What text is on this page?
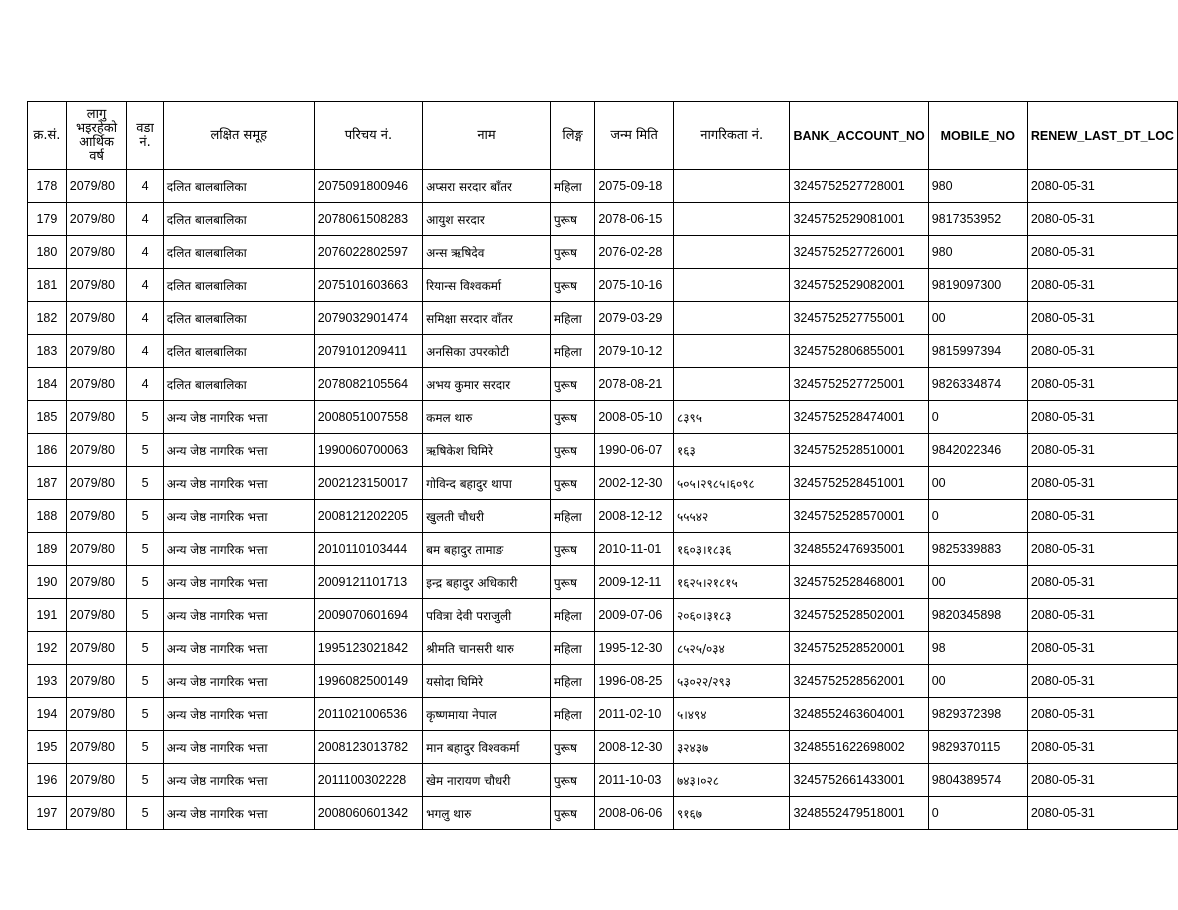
क्र.सं.	लागु भइरहेको आर्थिक वर्ष	वडा नं.	लक्षित समूह	परिचय नं.	नाम	लिङ्ग	जन्म मिति	नागरिकता नं.	BANK_ACCOUNT_NO	MOBILE_NO	RENEW_LAST_DT_LOC
178	2079/80	4	दलित बालबालिका	2075091800946	अप्सरा सरदार बाँतर	महिला	2075-09-18		3245752527728001	980	2080-05-31
179	2079/80	4	दलित बालबालिका	2078061508283	आयुश सरदार	पुरूष	2078-06-15		3245752529081001	9817353952	2080-05-31
180	2079/80	4	दलित बालबालिका	2076022802597	अन्स ऋषिदेव	पुरूष	2076-02-28		3245752527726001	980	2080-05-31
181	2079/80	4	दलित बालबालिका	2075101603663	रियान्स विश्वकर्मा	पुरूष	2075-10-16		3245752529082001	9819097300	2080-05-31
182	2079/80	4	दलित बालबालिका	2079032901474	समिक्षा सरदार वाँतर	महिला	2079-03-29		3245752527755001	00	2080-05-31
183	2079/80	4	दलित बालबालिका	2079101209411	अनसिका उपरकोटी	महिला	2079-10-12		3245752806855001	9815997394	2080-05-31
184	2079/80	4	दलित बालबालिका	2078082105564	अभय कुमार सरदार	पुरूष	2078-08-21		3245752527725001	9826334874	2080-05-31
185	2079/80	5	अन्य जेष्ठ नागरिक भत्ता	2008051007558	कमल थारु	पुरूष	2008-05-10	८३९५	3245752528474001	0	2080-05-31
186	2079/80	5	अन्य जेष्ठ नागरिक भत्ता	1990060700063	ऋषिकेश घिमिरे	पुरूष	1990-06-07	१६३	3245752528510001	9842022346	2080-05-31
187	2079/80	5	अन्य जेष्ठ नागरिक भत्ता	2002123150017	गोविन्द बहादुर थापा	पुरूष	2002-12-30	५०५।२९८५।६०९८	3245752528451001	00	2080-05-31
188	2079/80	5	अन्य जेष्ठ नागरिक भत्ता	2008121202205	खुलती चौधरी	महिला	2008-12-12	५५५४२	3245752528570001	0	2080-05-31
189	2079/80	5	अन्य जेष्ठ नागरिक भत्ता	2010110103444	बम बहादुर तामाङ	पुरूष	2010-11-01	१६०३।१८३६	3248552476935001	9825339883	2080-05-31
190	2079/80	5	अन्य जेष्ठ नागरिक भत्ता	2009121101713	इन्द्र बहादुर अधिकारी	पुरूष	2009-12-11	१६२५।२१८१५	3245752528468001	00	2080-05-31
191	2079/80	5	अन्य जेष्ठ नागरिक भत्ता	2009070601694	पवित्रा देवी पराजुली	महिला	2009-07-06	२०६०।३१८३	3245752528502001	9820345898	2080-05-31
192	2079/80	5	अन्य जेष्ठ नागरिक भत्ता	1995123021842	श्रीमति चानसरी थारु	महिला	1995-12-30	८५२५/०३४	3245752528520001	98	2080-05-31
193	2079/80	5	अन्य जेष्ठ नागरिक भत्ता	1996082500149	यसोदा घिमिरे	महिला	1996-08-25	५३०२२/२९३	3245752528562001	00	2080-05-31
194	2079/80	5	अन्य जेष्ठ नागरिक भत्ता	2011021006536	कृष्णमाया नेपाल	महिला	2011-02-10	५।४९४	3248552463604001	9829372398	2080-05-31
195	2079/80	5	अन्य जेष्ठ नागरिक भत्ता	2008123013782	मान बहादुर विश्वकर्मा	पुरूष	2008-12-30	३२४३७	3248551622698002	9829370115	2080-05-31
196	2079/80	5	अन्य जेष्ठ नागरिक भत्ता	2011100302228	खेम नारायण चौधरी	पुरूष	2011-10-03	७४३।०२८	3245752661433001	9804389574	2080-05-31
197	2079/80	5	अन्य जेष्ठ नागरिक भत्ता	2008060601342	भगलु थारु	पुरूष	2008-06-06	९१६७	3248552479518001	0	2080-05-31
